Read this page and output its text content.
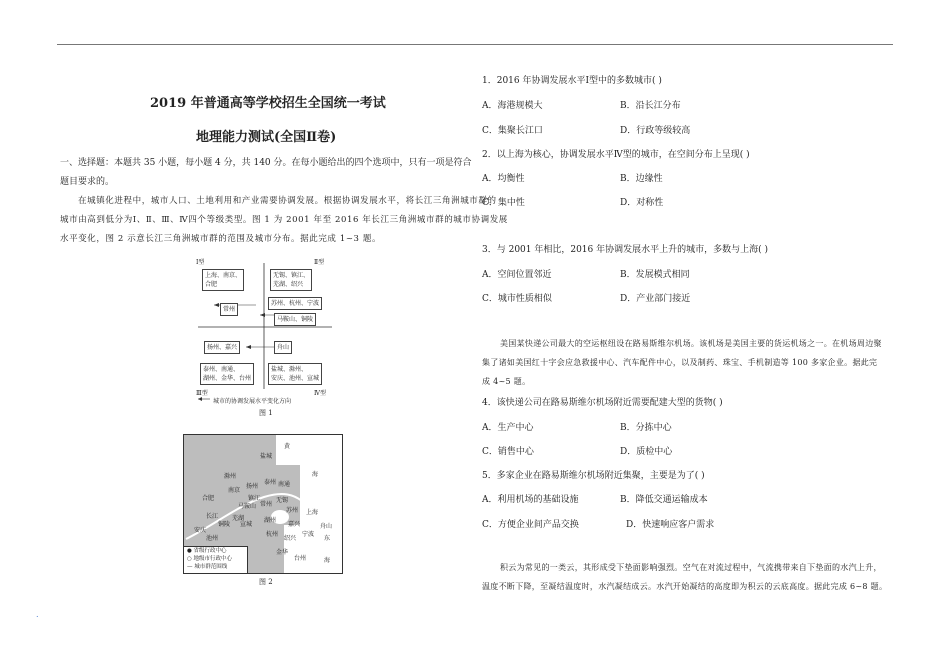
2019 年普通高等学校招生全国统一考试
地理能力测试(全国Ⅱ卷)
一、选择题：本题共 35 小题，每小题 4 分，共 140 分。在每小题给出的四个选项中，只有一项是符合题目要求的。
在城镇化进程中，城市人口、土地利用和产业需要协调发展。根据协调发展水平，将长江三角洲城市群的
城市由高到低分为Ⅰ、Ⅱ、Ⅲ、Ⅳ四个等级类型。图 1 为 2001 年至 2016 年长江三角洲城市群的城市协调发展
水平变化，图 2 示意长江三角洲城市群的范围及城市分布。据此完成 1~3 题。
Ⅰ型	Ⅱ型
Ⅲ型	Ⅳ型
上海、南京、
合肥
无锡、镇江、
芜湖、绍兴
苏州、杭州、宁波
常州
马鞍山、铜陵
扬州、嘉兴	舟山
泰州、南通、
湖州、金华、台州
盐城、滁州、
安庆、池州、宣城
城市的协调发展水平变化方向
图 1
黄
海
东
海
盐城
泰州
扬州	南通
滁州
镇江
南京
合肥
常州
无锡
苏州
马鞍山
芜湖
上海
铜陵 宣城
湖州
嘉兴
池州
安庆
杭州
绍兴
宁波
舟山
金华
台州
长江
● 省级行政中心
○ 地级市行政中心
— 城市群范围线
图 2
1．2016 年协调发展水平Ⅰ型中的多数城市( )
A．海港规模大	B．沿长江分布
C．集聚长江口	D．行政等级较高
2．以上海为核心，协调发展水平Ⅳ型的城市，在空间分布上呈现( )
A．均衡性	B．边缘性
C．集中性	D．对称性
3．与 2001 年相比，2016 年协调发展水平上升的城市，多数与上海( )
A．空间位置邻近	B．发展模式相同
C．城市性质相似	D．产业部门接近
美国某快递公司最大的空运枢纽设在路易斯维尔机场。该机场是美国主要的货运机场之一。在机场周边聚
集了诸如美国红十字会应急救援中心、汽车配件中心，以及制药、珠宝、手机制造等 100 多家企业。据此完
成 4~5 题。
4．该快递公司在路易斯维尔机场附近需要配建大型的货物( )
A．生产中心	B．分拣中心
C．销售中心	D．质检中心
5．多家企业在路易斯维尔机场附近集聚，主要是为了( )
A．利用机场的基础设施	B．降低交通运输成本
C．方便企业间产品交换	D．快速响应客户需求
积云为常见的一类云，其形成受下垫面影响强烈。空气在对流过程中，气流携带来自下垫面的水汽上升，
温度不断下降，至凝结温度时，水汽凝结成云。水汽开始凝结的高度即为积云的云底高度。据此完成 6~8 题。
.
